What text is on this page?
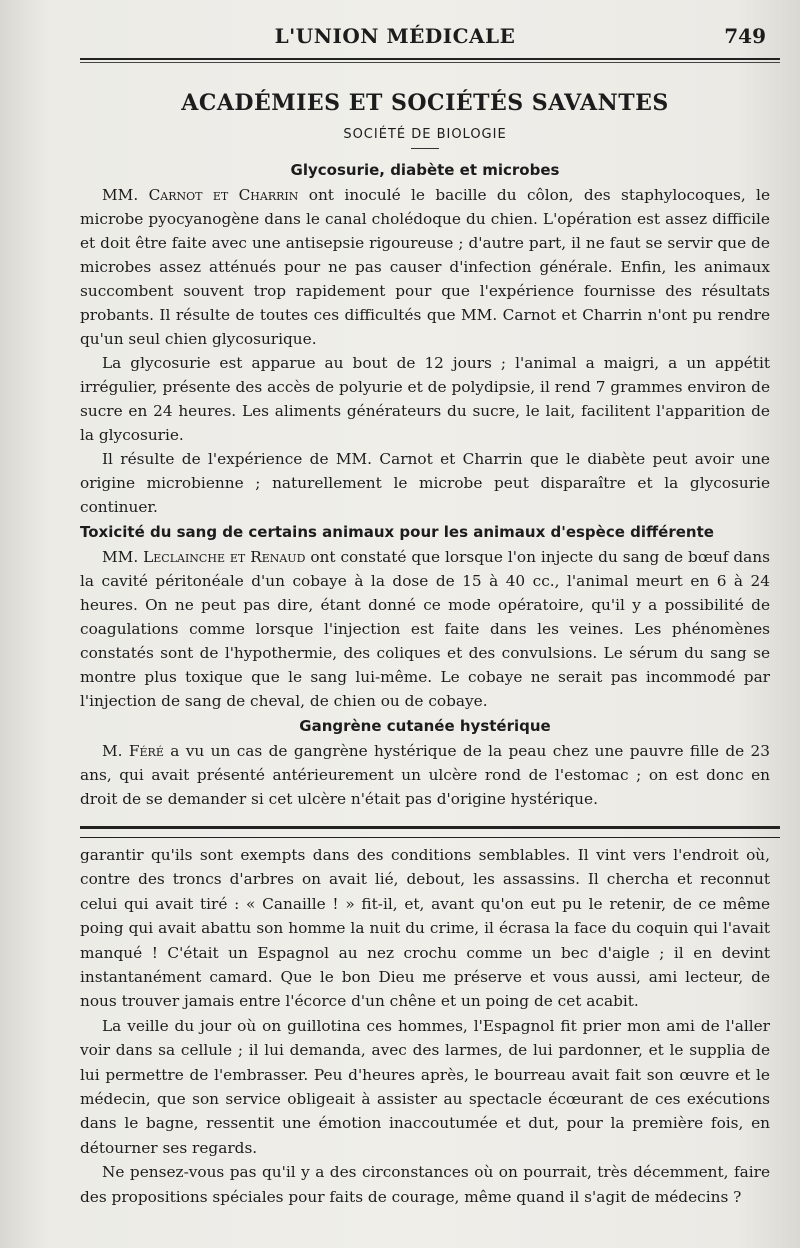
L'UNION MÉDICALE	749
ACADÉMIES ET SOCIÉTÉS SAVANTES
SOCIÉTÉ DE BIOLOGIE
Glycosurie, diabète et microbes

MM. Carnot et Charrin ont inoculé le bacille du côlon, des staphylocoques, le microbe pyocyanogène dans le canal cholédoque du chien. L'opération est assez difficile et doit être faite avec une antisepsie rigoureuse ; d'autre part, il ne faut se servir que de microbes assez atténués pour ne pas causer d'infection générale. Enfin, les animaux succombent souvent trop rapidement pour que l'expérience fournisse des résultats probants. Il résulte de toutes ces difficultés que MM. Carnot et Charrin n'ont pu rendre qu'un seul chien glycosurique.

La glycosurie est apparue au bout de 12 jours ; l'animal a maigri, a un appétit irrégulier, présente des accès de polyurie et de polydipsie, il rend 7 grammes environ de sucre en 24 heures. Les aliments générateurs du sucre, le lait, facilitent l'apparition de la glycosurie.

Il résulte de l'expérience de MM. Carnot et Charrin que le diabète peut avoir une origine microbienne ; naturellement le microbe peut disparaître et la glycosurie continuer.

Toxicité du sang de certains animaux pour les animaux d'espèce différente

MM. Leclainche et Renaud ont constaté que lorsque l'on injecte du sang de bœuf dans la cavité péritonéale d'un cobaye à la dose de 15 à 40 cc., l'animal meurt en 6 à 24 heures. On ne peut pas dire, étant donné ce mode opératoire, qu'il y a possibilité de coagulations comme lorsque l'injection est faite dans les veines. Les phénomènes constatés sont de l'hypothermie, des coliques et des convulsions. Le sérum du sang se montre plus toxique que le sang lui-même. Le cobaye ne serait pas incommodé par l'injection de sang de cheval, de chien ou de cobaye.

Gangrène cutanée hystérique

M. Féré a vu un cas de gangrène hystérique de la peau chez une pauvre fille de 23 ans, qui avait présenté antérieurement un ulcère rond de l'estomac ; on est donc en droit de se demander si cet ulcère n'était pas d'origine hystérique.

garantir qu'ils sont exempts dans des conditions semblables. Il vint vers l'endroit où, contre des troncs d'arbres on avait lié, debout, les assassins. Il chercha et reconnut celui qui avait tiré : « Canaille ! » fit-il, et, avant qu'on eut pu le retenir, de ce même poing qui avait abattu son homme la nuit du crime, il écrasa la face du coquin qui l'avait manqué ! C'était un Espagnol au nez crochu comme un bec d'aigle ; il en devint instantanément camard. Que le bon Dieu me préserve et vous aussi, ami lecteur, de nous trouver jamais entre l'écorce d'un chêne et un poing de cet acabit.

La veille du jour où on guillotina ces hommes, l'Espagnol fit prier mon ami de l'aller voir dans sa cellule ; il lui demanda, avec des larmes, de lui pardonner, et le supplia de lui permettre de l'embrasser. Peu d'heures après, le bourreau avait fait son œuvre et le médecin, que son service obligeait à assister au spectacle écœurant de ces exécutions dans le bagne, ressentit une émotion inaccoutumée et dut, pour la première fois, en détourner ses regards.

Ne pensez-vous pas qu'il y a des circonstances où on pourrait, très décemment, faire des propositions spéciales pour faits de courage, même quand il s'agit de médecins ?
